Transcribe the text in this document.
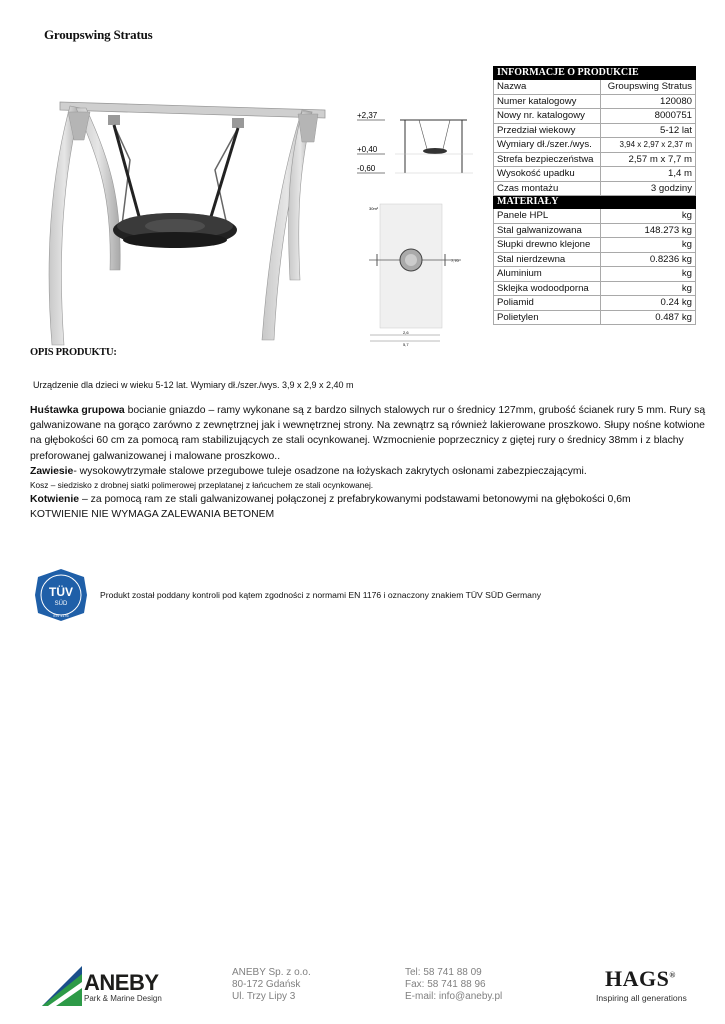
Groupswing Stratus
+2,37
+0,40
-0,60
30m²
7,70
2,6
5,7
INFORMACJE O PRODUKCIE	
Nazwa	Groupswing Stratus
Numer katalogowy	120080
Nowy nr. katalogowy	8000751
Przedział wiekowy	5-12 lat
Wymiary dł./szer./wys.	3,94 x 2,97 x 2,37 m
Strefa bezpieczeństwa	2,57 m x 7,7 m
Wysokość upadku	1,4 m
Czas montażu	3 godziny
MATERIAŁY	
Panele HPL	kg
Stal galwanizowana	148.273 kg
Słupki drewno klejone	kg
Stal nierdzewna	0.8236 kg
Aluminium	kg
Sklejka wodoodporna	kg
Poliamid	0.24 kg
Polietylen	0.487 kg
OPIS PRODUKTU:
Urządzenie dla dzieci w wieku 5-12 lat. Wymiary dł./szer./wys. 3,9 x 2,9 x 2,40 m

Huśtawka grupowa bocianie gniazdo – ramy wykonane są z bardzo silnych stalowych rur o średnicy 127mm, grubość ścianek rury 5 mm. Rury są galwanizowane na gorąco zarówno z zewnętrznej jak i wewnętrznej strony. Na zewnątrz są również lakierowane proszkowo. Słupy nośne kotwione na głębokości 60 cm za pomocą ram stabilizujących ze stali ocynkowanej. Wzmocnienie poprzecznicy z giętej rury o średnicy 38mm i z blachy preforowanej galwanizowanej i malowane proszkowo..

Zawiesie- wysokowytrzymałe stalowe przegubowe tuleje osadzone na łożyskach zakrytych osłonami zabezpieczającymi.

Kosz – siedzisko z drobnej siatki polimerowej przeplatanej z łańcuchem ze stali ocynkowanej.

Kotwienie – za pomocą ram ze stali galwanizowanej połączonej z prefabrykowanymi podstawami betonowymi na głębokości 0,6m

KOTWIENIE NIE WYMAGA ZALEWANIA BETONEM

TÜV
SÜD
EN 1176
Produkt został poddany kontroli pod kątem zgodności z normami EN 1176 i oznaczony znakiem TÜV SÜD Germany
ANEBY
Park & Marine Design
ANEBY Sp. z o.o.
80-172 Gdańsk
Ul. Trzy Lipy 3
Tel: 58 741 88 09
Fax: 58 741 88 96
E-mail: info@aneby.pl
HAGS®
Inspiring all generations
